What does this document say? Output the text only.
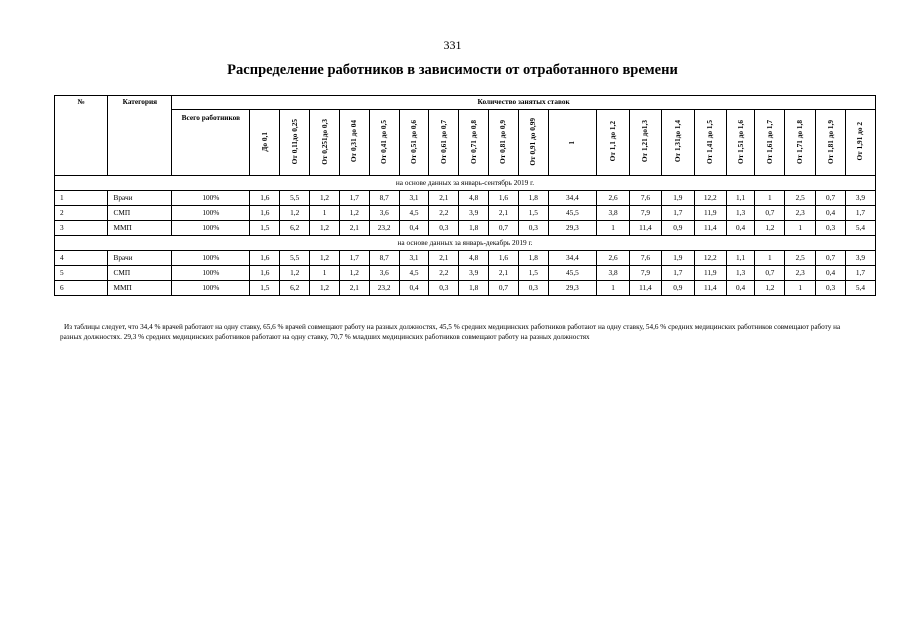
331
Распределение работников в зависимости от отработанного времени
№	Категория	Количество занятых ставок																				
		Всего работников	До 0,1	От 0,11до 0,25	От 0,251до 0,3	От 0,31 до 04	От 0,41 до 0,5	От 0,51 до 0,6	От 0,61 до 0,7	От 0,71 до 0,8	От 0,81 до 0,9	От 0,91 до 0,99	1	От 1,1 до 1,2	От 1,21 до1,3	От 1,31до 1,4	От 1,41 до 1,5	От 1,51 до 1,6	От 1,61 до 1,7	От 1,71 до 1,8	От 1,81 до 1,9	От 1,91 до 2
на основе данных за январь-сентябрь 2019 г.																						
1	Врачи	100%	1,6	5,5	1,2	1,7	8,7	3,1	2,1	4,8	1,6	1,8	34,4	2,6	7,6	1,9	12,2	1,1	1	2,5	0,7	3,9
2	СМП	100%	1,6	1,2	1	1,2	3,6	4,5	2,2	3,9	2,1	1,5	45,5	3,8	7,9	1,7	11,9	1,3	0,7	2,3	0,4	1,7
3	ММП	100%	1,5	6,2	1,2	2,1	23,2	0,4	0,3	1,8	0,7	0,3	29,3	1	11,4	0,9	11,4	0,4	1,2	1	0,3	5,4
на основе данных за январь-декабрь 2019 г.																						
4	Врачи	100%	1,6	5,5	1,2	1,7	8,7	3,1	2,1	4,8	1,6	1,8	34,4	2,6	7,6	1,9	12,2	1,1	1	2,5	0,7	3,9
5	СМП	100%	1,6	1,2	1	1,2	3,6	4,5	2,2	3,9	2,1	1,5	45,5	3,8	7,9	1,7	11,9	1,3	0,7	2,3	0,4	1,7
6	ММП	100%	1,5	6,2	1,2	2,1	23,2	0,4	0,3	1,8	0,7	0,3	29,3	1	11,4	0,9	11,4	0,4	1,2	1	0,3	5,4
Из таблицы следует, что 34,4 % врачей работают на одну ставку, 65,6 % врачей совмещают работу на разных должностях, 45,5 % средних медицинских работников работают на одну ставку, 54,6 % средних медицинских работников совмещают работу на разных должностях. 29,3 % средних медицинских работников работают на одну ставку, 70,7 % младших медицинских работников совмещают работу на разных должностях
